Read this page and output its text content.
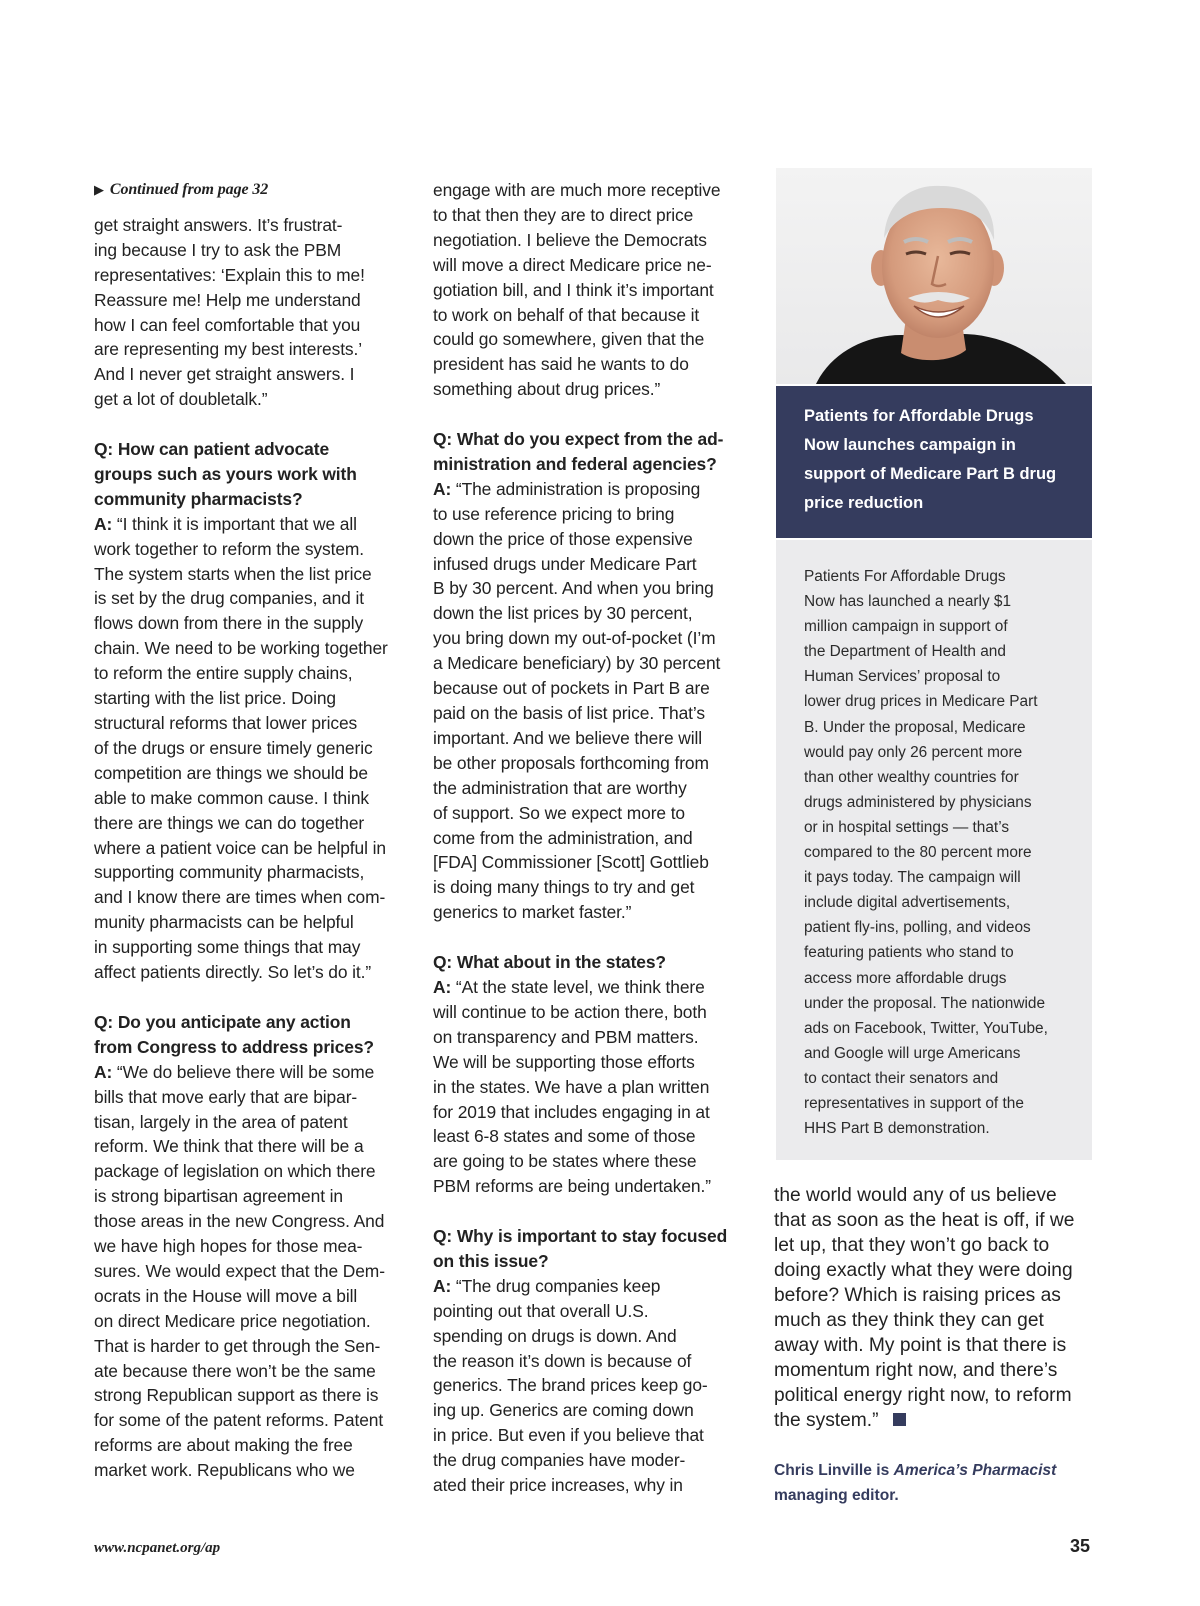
▶ Continued from page 32

get straight answers. It’s frustrat-
ing because I try to ask the PBM
representatives: ‘Explain this to me!
Reassure me! Help me understand
how I can feel comfortable that you
are representing my best interests.’
And I never get straight answers. I
get a lot of doubletalk.”

Q: How can patient advocate
groups such as yours work with
community pharmacists?

A: “I think it is important that we all
work together to reform the system.
The system starts when the list price
is set by the drug companies, and it
flows down from there in the supply
chain. We need to be working together
to reform the entire supply chains,
starting with the list price. Doing
structural reforms that lower prices
of the drugs or ensure timely generic
competition are things we should be
able to make common cause. I think
there are things we can do together
where a patient voice can be helpful in
supporting community pharmacists,
and I know there are times when com-
munity pharmacists can be helpful
in supporting some things that may
affect patients directly. So let’s do it.”

Q: Do you anticipate any action
from Congress to address prices?

A: “We do believe there will be some
bills that move early that are bipar-
tisan, largely in the area of patent
reform. We think that there will be a
package of legislation on which there
is strong bipartisan agreement in
those areas in the new Congress. And
we have high hopes for those mea-
sures. We would expect that the Dem-
ocrats in the House will move a bill
on direct Medicare price negotiation.
That is harder to get through the Sen-
ate because there won’t be the same
strong Republican support as there is
for some of the patent reforms. Patent
reforms are about making the free
market work. Republicans who we

engage with are much more receptive
to that then they are to direct price
negotiation. I believe the Democrats
will move a direct Medicare price ne-
gotiation bill, and I think it’s important
to work on behalf of that because it
could go somewhere, given that the
president has said he wants to do
something about drug prices.”

Q: What do you expect from the ad-
ministration and federal agencies?

A: “The administration is proposing
to use reference pricing to bring
down the price of those expensive
infused drugs under Medicare Part
B by 30 percent. And when you bring
down the list prices by 30 percent,
you bring down my out-of-pocket (I’m
a Medicare beneficiary) by 30 percent
because out of pockets in Part B are
paid on the basis of list price. That’s
important. And we believe there will
be other proposals forthcoming from
the administration that are worthy
of support. So we expect more to
come from the administration, and
[FDA] Commissioner [Scott] Gottlieb
is doing many things to try and get
generics to market faster.”

Q: What about in the states?

A: “At the state level, we think there
will continue to be action there, both
on transparency and PBM matters.
We will be supporting those efforts
in the states. We have a plan written
for 2019 that includes engaging in at
least 6-8 states and some of those
are going to be states where these
PBM reforms are being undertaken.”

Q: Why is important to stay focused
on this issue?

A: “The drug companies keep
pointing out that overall U.S.
spending on drugs is down. And
the reason it’s down is because of
generics. The brand prices keep go-
ing up. Generics are coming down
in price. But even if you believe that
the drug companies have moder-
ated their price increases, why in

Patients for Affordable Drugs
Now launches campaign in
support of Medicare Part B drug
price reduction
Patients For Affordable Drugs
Now has launched a nearly $1
million campaign in support of
the Department of Health and
Human Services’ proposal to
lower drug prices in Medicare Part
B. Under the proposal, Medicare
would pay only 26 percent more
than other wealthy countries for
drugs administered by physicians
or in hospital settings — that’s
compared to the 80 percent more
it pays today. The campaign will
include digital advertisements,
patient fly-ins, polling, and videos
featuring patients who stand to
access more affordable drugs
under the proposal. The nationwide
ads on Facebook, Twitter, YouTube,
and Google will urge Americans
to contact their senators and
representatives in support of the
HHS Part B demonstration.

the world would any of us believe
that as soon as the heat is off, if we
let up, that they won’t go back to
doing exactly what they were doing
before? Which is raising prices as
much as they think they can get
away with. My point is that there is
momentum right now, and there’s
political energy right now, to reform
the system.”

Chris Linville is America’s Pharmacist
managing editor.
www.ncpanet.org/ap	35
